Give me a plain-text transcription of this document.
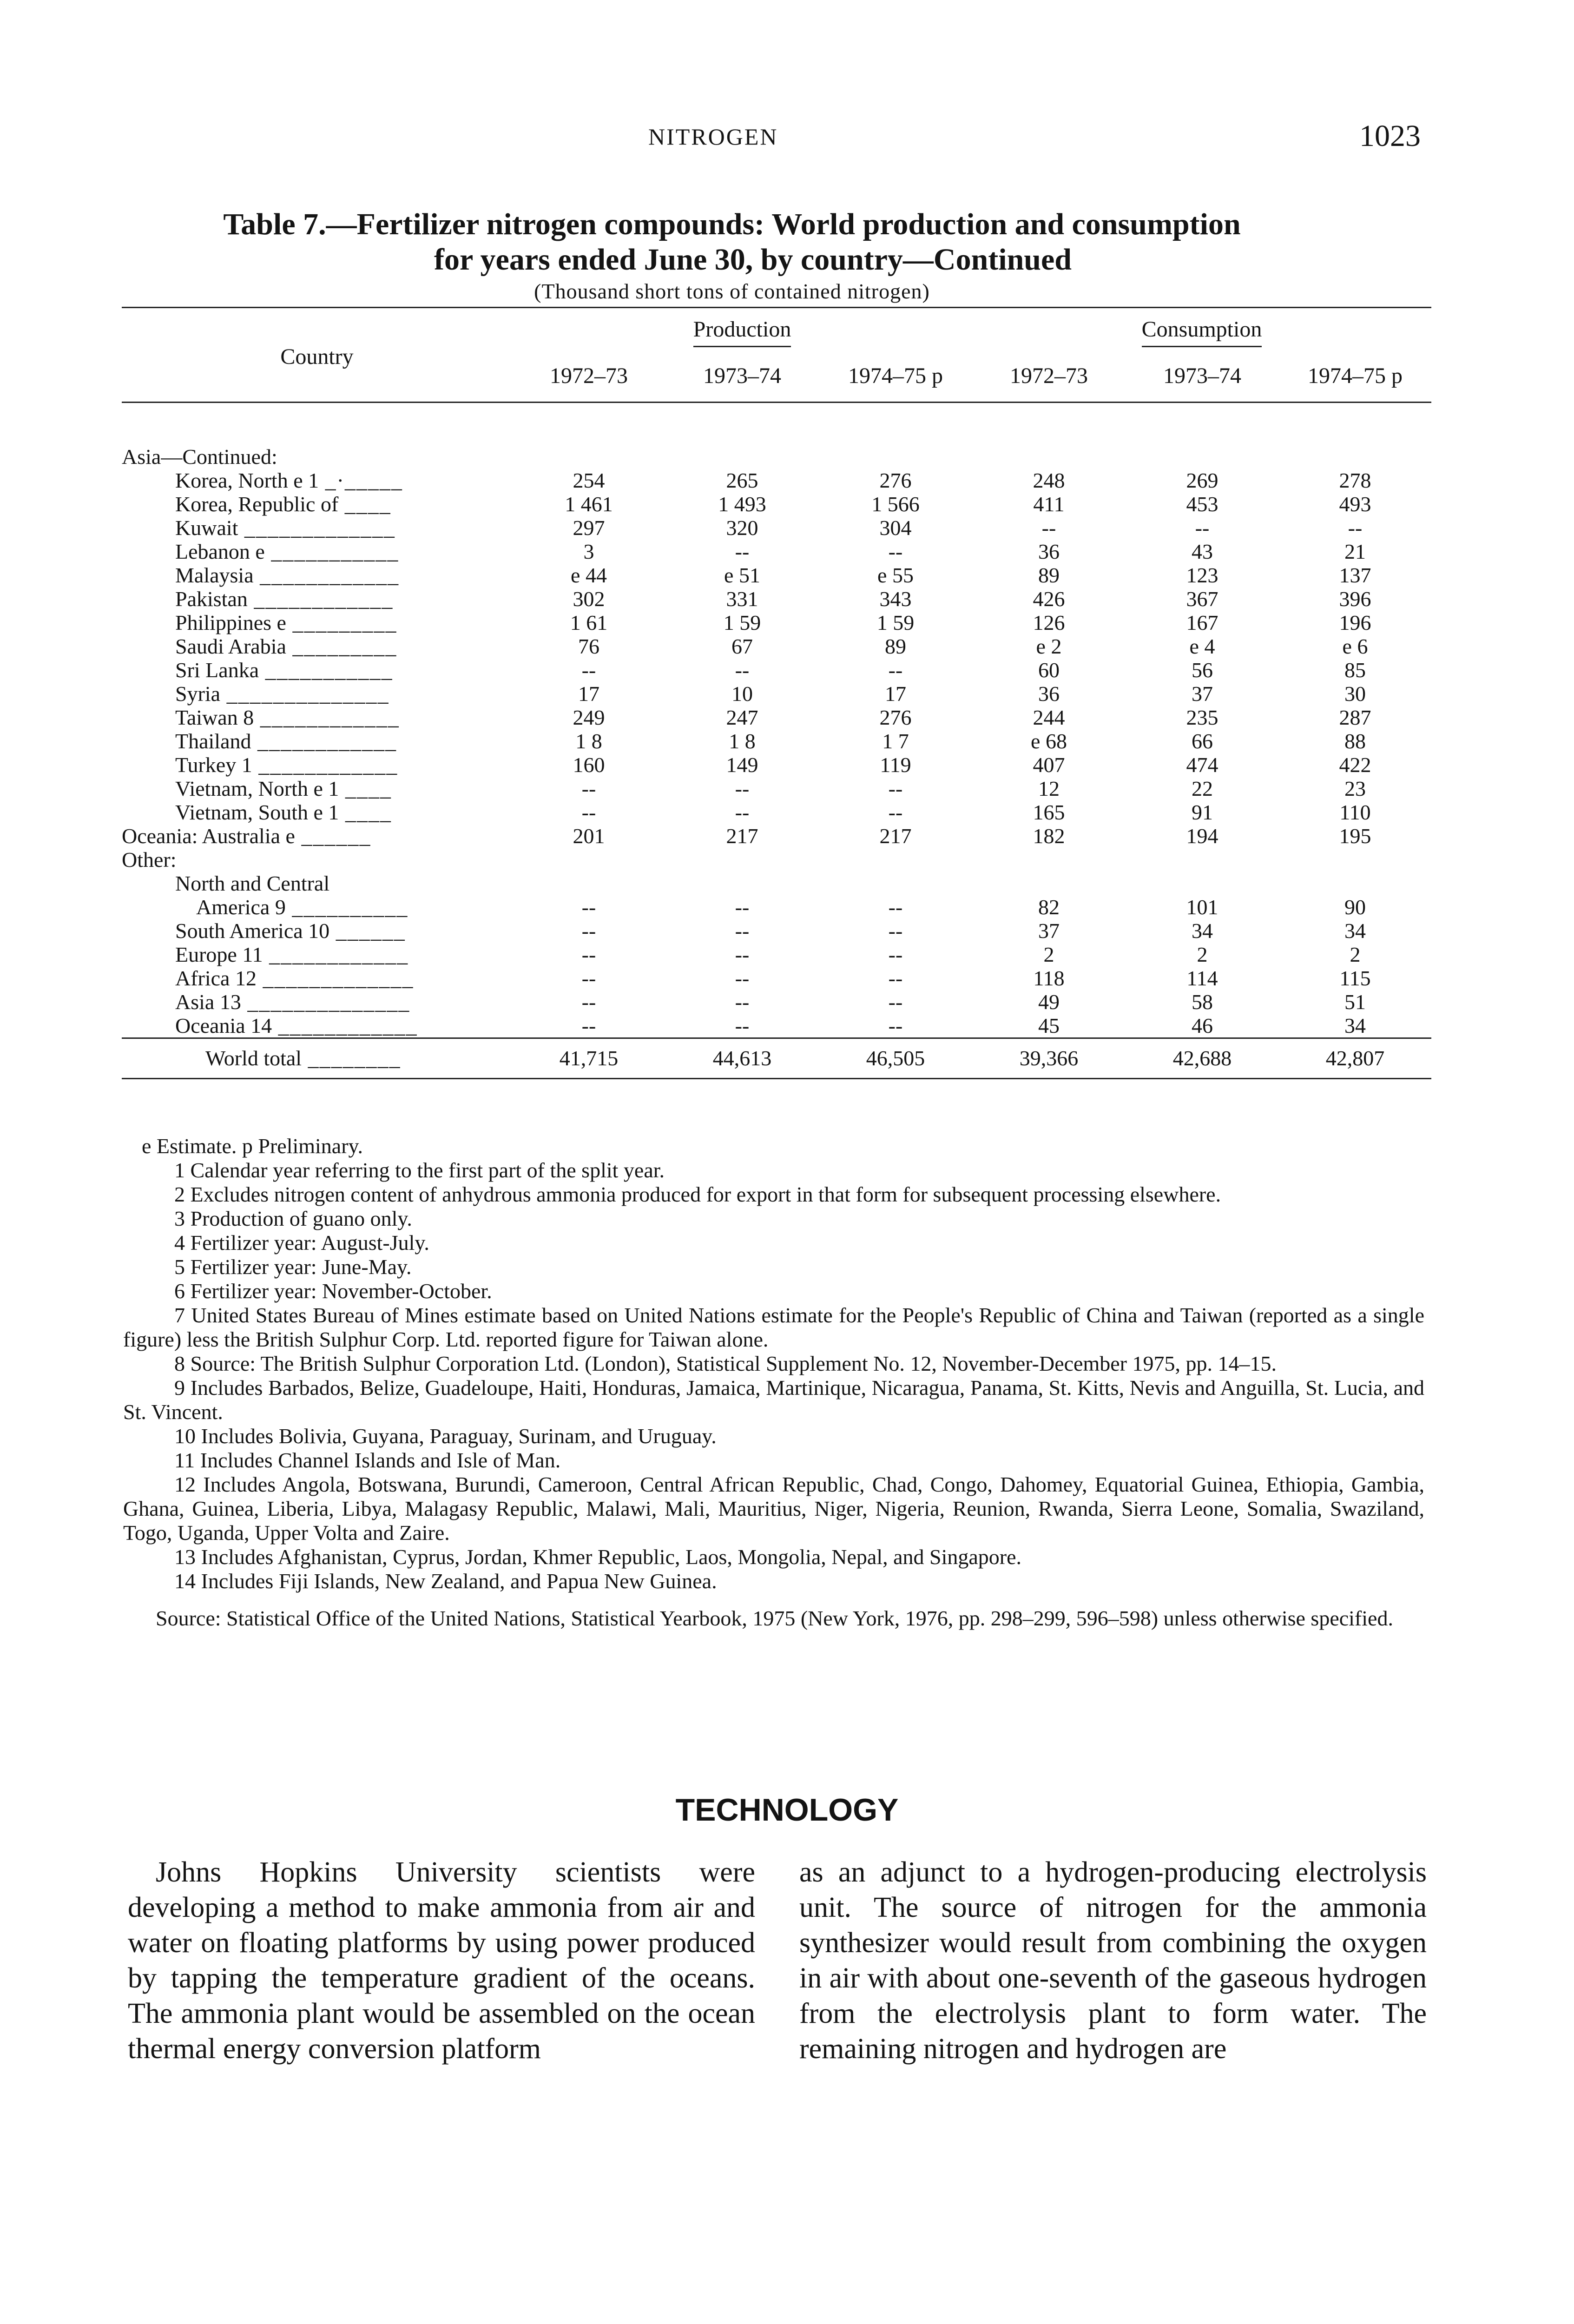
NITROGEN	1023
Table 7.—Fertilizer nitrogen compounds: World production and consumption
for years ended June 30, by country—Continued
(Thousand short tons of contained nitrogen)
Country	Production			Consumption		
	1972–73	1973–74	1974–75 p	1972–73	1973–74	1974–75 p

Asia—Continued:						
Korea, North e 1 _·_____	254	265	276	248	269	278
Korea, Republic of ____	1 461	1 493	1 566	411	453	493
Kuwait _____________	297	320	304	--	--	--
Lebanon e ___________	3	--	--	36	43	21
Malaysia ____________	e 44	e 51	e 55	89	123	137
Pakistan ____________	302	331	343	426	367	396
Philippines e _________	1 61	1 59	1 59	126	167	196
Saudi Arabia _________	76	67	89	e 2	e 4	e 6
Sri Lanka ___________	--	--	--	60	56	85
Syria ______________	17	10	17	36	37	30
Taiwan 8 ____________	249	247	276	244	235	287
Thailand ____________	1 8	1 8	1 7	e 68	66	88
Turkey 1 ____________	160	149	119	407	474	422
Vietnam, North e 1 ____	--	--	--	12	22	23
Vietnam, South e 1 ____	--	--	--	165	91	110
Oceania: Australia e ______	201	217	217	182	194	195
Other:						
North and Central						
America 9 __________	--	--	--	82	101	90
South America 10 ______	--	--	--	37	34	34
Europe 11 ____________	--	--	--	2	2	2
Africa 12 _____________	--	--	--	118	114	115
Asia 13 ______________	--	--	--	49	58	51
Oceania 14 ____________	--	--	--	45	46	34
World total ________	41,715	44,613	46,505	39,366	42,688	42,807

e Estimate. p Preliminary.

1 Calendar year referring to the first part of the split year.

2 Excludes nitrogen content of anhydrous ammonia produced for export in that form for subsequent processing elsewhere.

3 Production of guano only.

4 Fertilizer year: August-July.

5 Fertilizer year: June-May.

6 Fertilizer year: November-October.

7 United States Bureau of Mines estimate based on United Nations estimate for the People's Republic of China and Taiwan (reported as a single figure) less the British Sulphur Corp. Ltd. reported figure for Taiwan alone.

8 Source: The British Sulphur Corporation Ltd. (London), Statistical Supplement No. 12, November-December 1975, pp. 14–15.

9 Includes Barbados, Belize, Guadeloupe, Haiti, Honduras, Jamaica, Martinique, Nicaragua, Panama, St. Kitts, Nevis and Anguilla, St. Lucia, and St. Vincent.

10 Includes Bolivia, Guyana, Paraguay, Surinam, and Uruguay.

11 Includes Channel Islands and Isle of Man.

12 Includes Angola, Botswana, Burundi, Cameroon, Central African Republic, Chad, Congo, Dahomey, Equatorial Guinea, Ethiopia, Gambia, Ghana, Guinea, Liberia, Libya, Malagasy Republic, Malawi, Mali, Mauritius, Niger, Nigeria, Reunion, Rwanda, Sierra Leone, Somalia, Swaziland, Togo, Uganda, Upper Volta and Zaire.

13 Includes Afghanistan, Cyprus, Jordan, Khmer Republic, Laos, Mongolia, Nepal, and Singapore.

14 Includes Fiji Islands, New Zealand, and Papua New Guinea.

Source: Statistical Office of the United Nations, Statistical Yearbook, 1975 (New York, 1976, pp. 298–299, 596–598) unless otherwise specified.

TECHNOLOGY
Johns Hopkins University scientists were developing a method to make ammonia from air and water on floating platforms by using power produced by tapping the temperature gradient of the oceans. The ammonia plant would be assembled on the ocean thermal energy conversion platform
as an adjunct to a hydrogen-producing electrolysis unit. The source of nitrogen for the ammonia synthesizer would result from combining the oxygen in air with about one-seventh of the gaseous hydrogen from the electrolysis plant to form water. The remaining nitrogen and hydrogen are
